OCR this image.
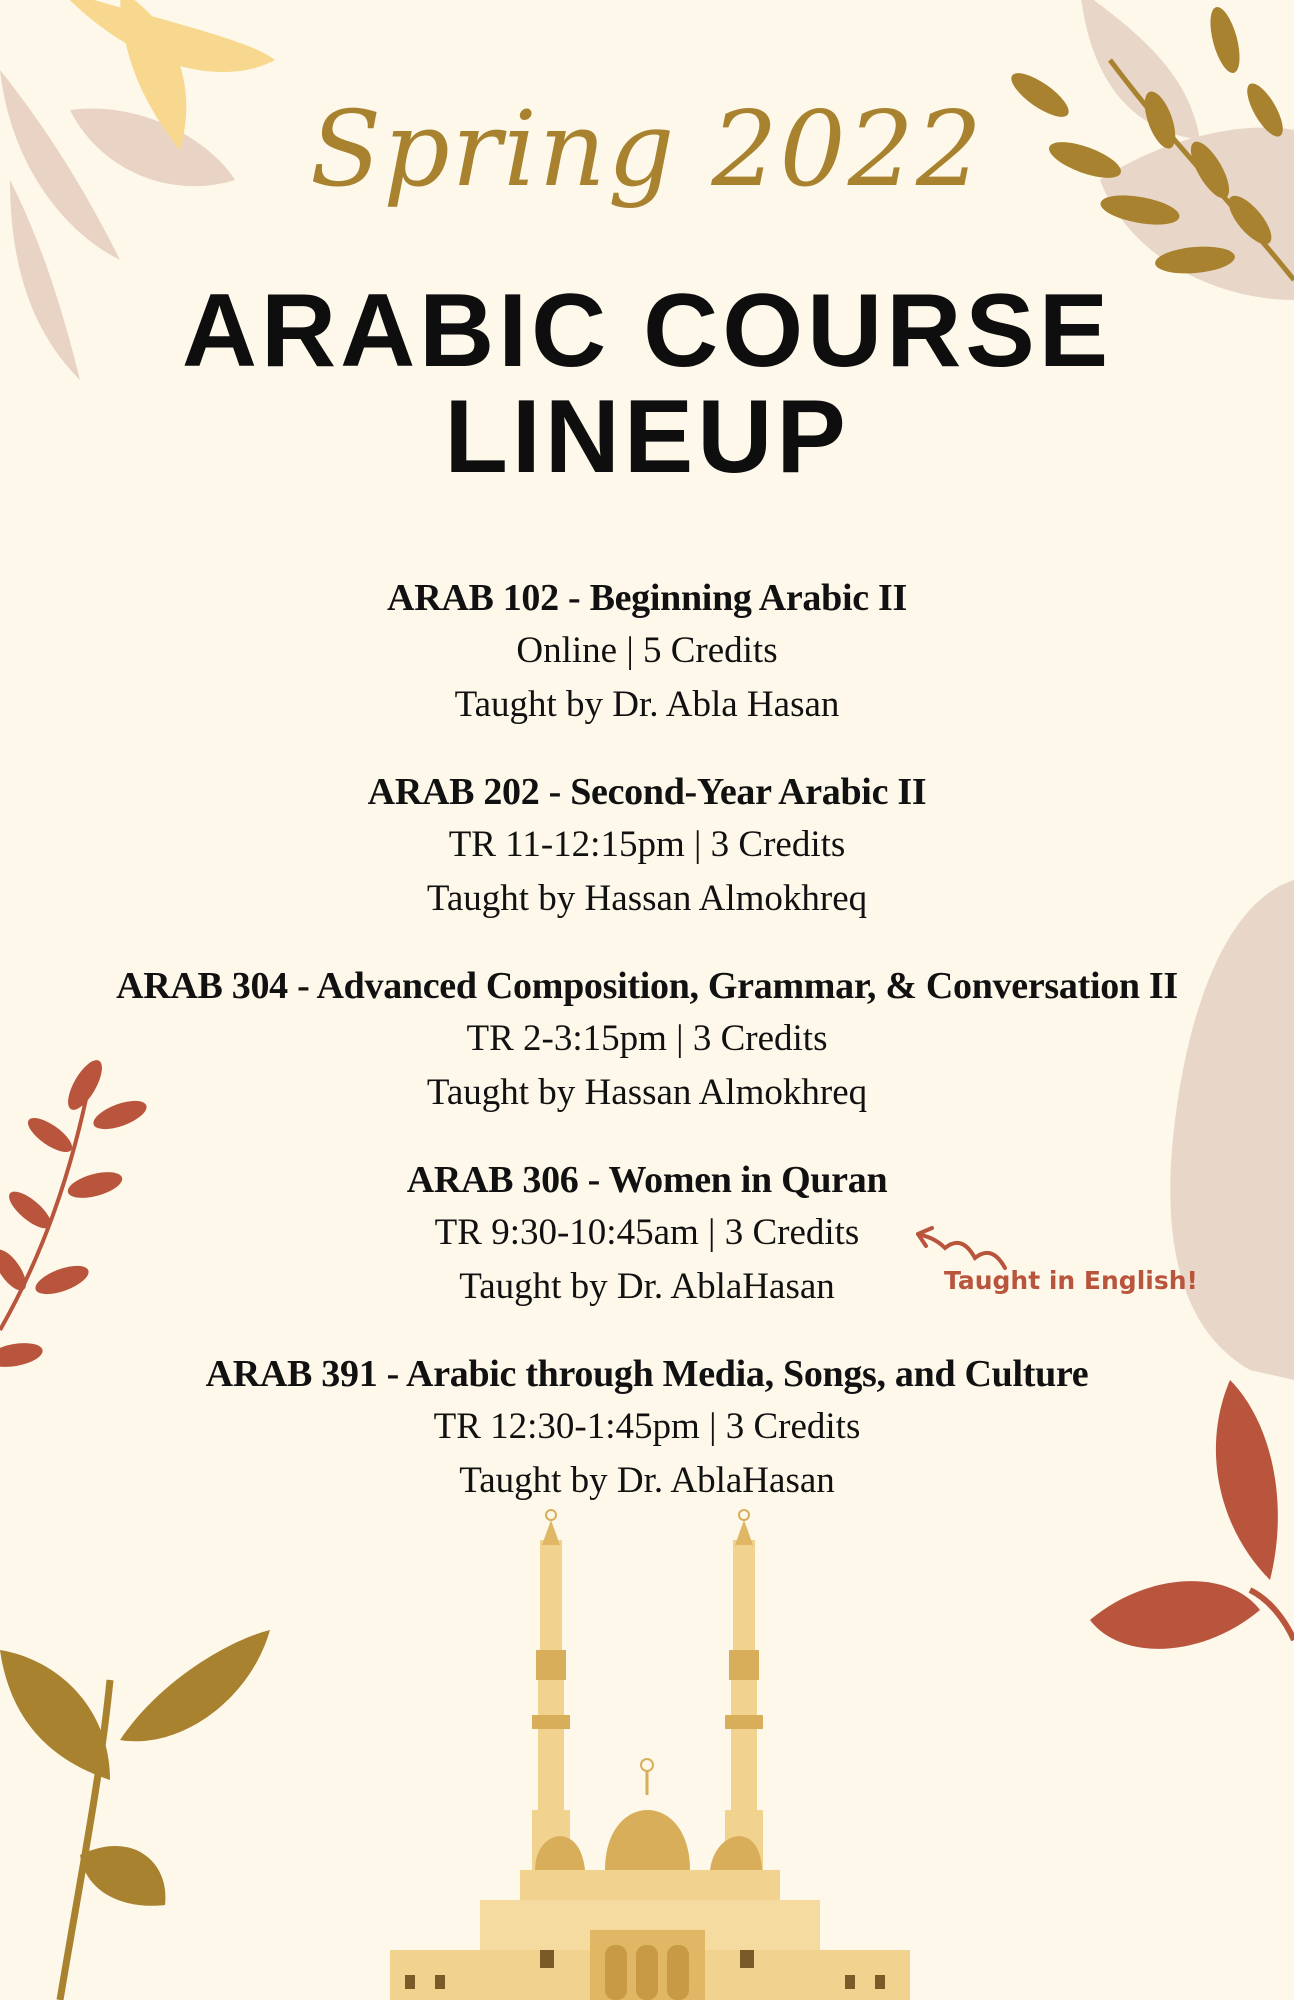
Spring 2022
ARABIC COURSE
LINEUP
ARAB 102 - Beginning Arabic II
Online | 5 Credits
Taught by Dr. Abla Hasan
ARAB 202 - Second-Year Arabic II
TR 11-12:15pm | 3 Credits
Taught by Hassan Almokhreq
ARAB 304 - Advanced Composition, Grammar, & Conversation II
TR 2-3:15pm | 3 Credits
Taught by Hassan Almokhreq
ARAB 306 - Women in Quran
TR 9:30-10:45am | 3 Credits
Taught by Dr. AblaHasan
ARAB 391 - Arabic through Media, Songs, and Culture
TR 12:30-1:45pm | 3 Credits
Taught by Dr. AblaHasan
Taught in English!
